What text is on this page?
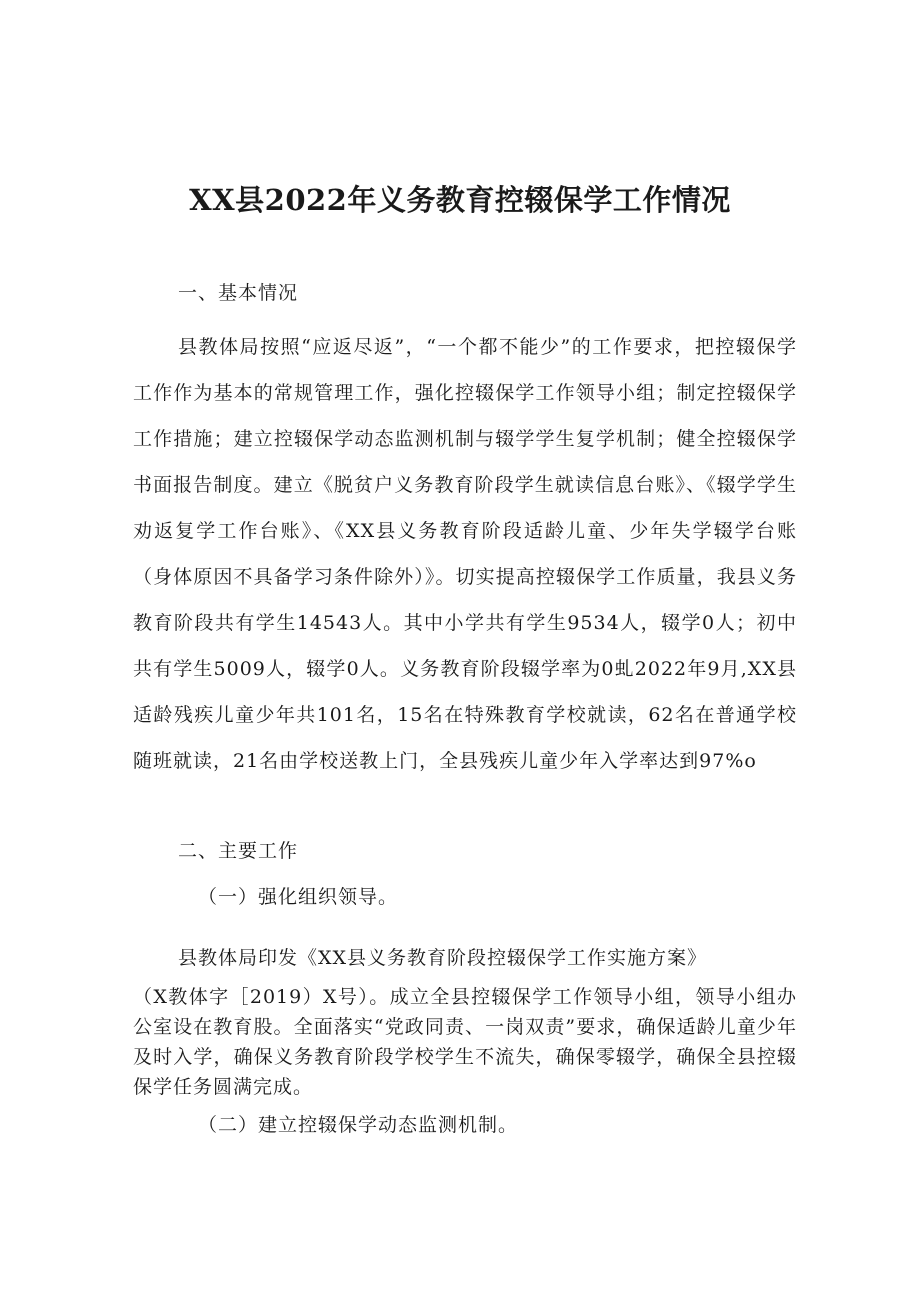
XX县2022年义务教育控辍保学工作情况

一、基本情况

县教体局按照“应返尽返”，“一个都不能少”的工作要求，把控辍保学工作作为基本的常规管理工作，强化控辍保学工作领导小组；制定控辍保学工作措施；建立控辍保学动态监测机制与辍学学生复学机制；健全控辍保学书面报告制度。建立《脱贫户义务教育阶段学生就读信息台账》、《辍学学生劝返复学工作台账》、《XX县义务教育阶段适龄儿童、少年失学辍学台账（身体原因不具备学习条件除外）》。切实提高控辍保学工作质量，我县义务教育阶段共有学生14543人。其中小学共有学生9534人，辍学0人；初中共有学生5009人，辍学0人。义务教育阶段辍学率为0虬2022年9月,XX县适龄残疾儿童少年共101名，15名在特殊教育学校就读，62名在普通学校随班就读，21名由学校送教上门，全县残疾儿童少年入学率达到97%o

二、主要工作

（一）强化组织领导。

县教体局印发《XX县义务教育阶段控辍保学工作实施方案》

（X教体字［2019）X号）。成立全县控辍保学工作领导小组，领导小组办公室设在教育股。全面落实“党政同责、一岗双责”要求，确保适龄儿童少年及时入学，确保义务教育阶段学校学生不流失，确保零辍学，确保全县控辍保学任务圆满完成。

（二）建立控辍保学动态监测机制。
